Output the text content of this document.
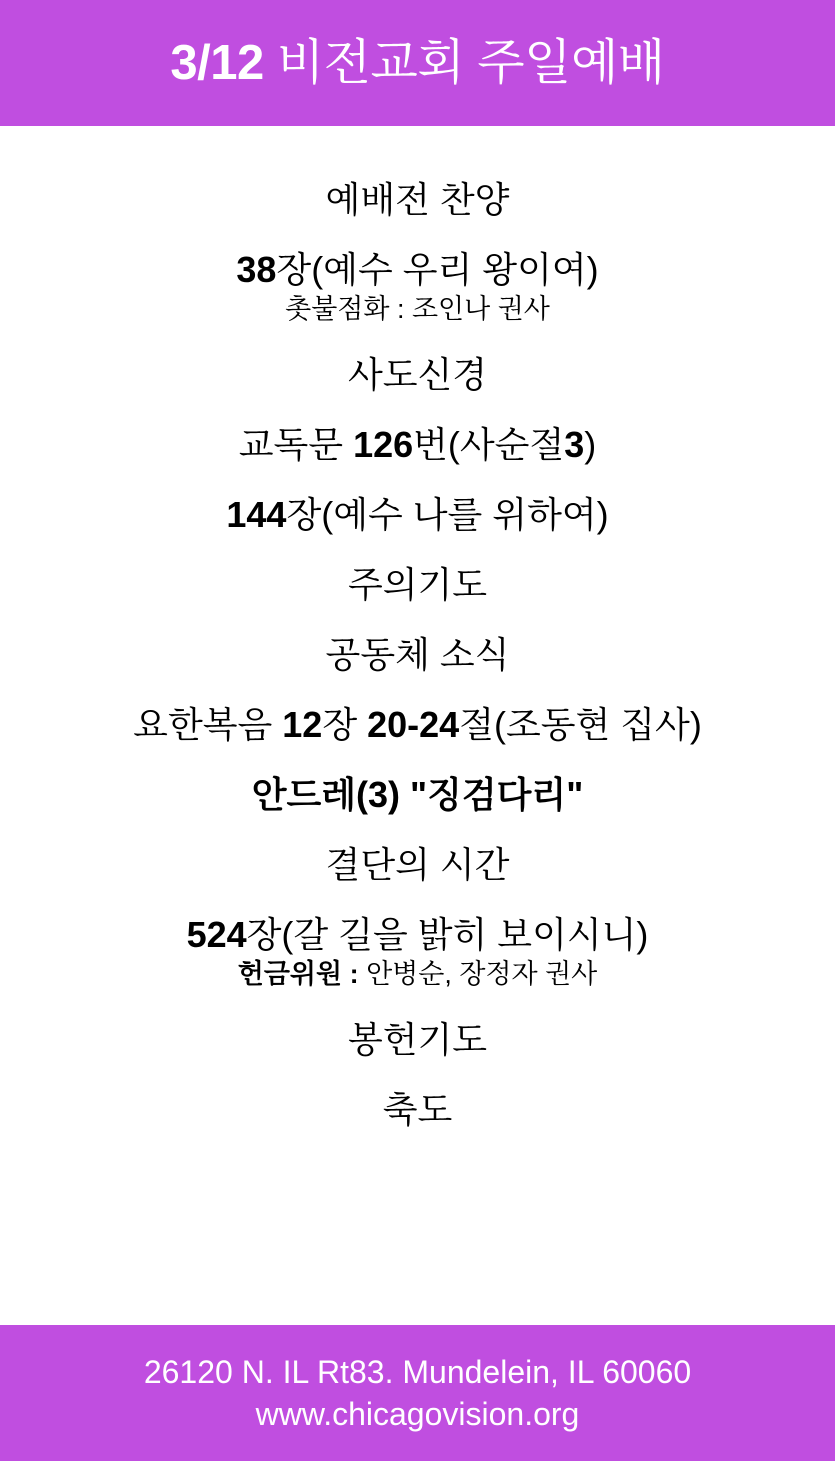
3/12 비전교회 주일예배
예배전 찬양
38장(예수 우리 왕이여)
촛불점화 : 조인나 권사
사도신경
교독문 126번(사순절3)
144장(예수 나를 위하여)
주의기도
공동체 소식
요한복음 12장 20-24절(조동현 집사)
안드레(3) "징검다리"
결단의 시간
524장(갈 길을 밝히 보이시니)
헌금위원 : 안병순, 장정자 권사
봉헌기도
축도
26120 N. IL Rt83. Mundelein, IL 60060
www.chicagovision.org
